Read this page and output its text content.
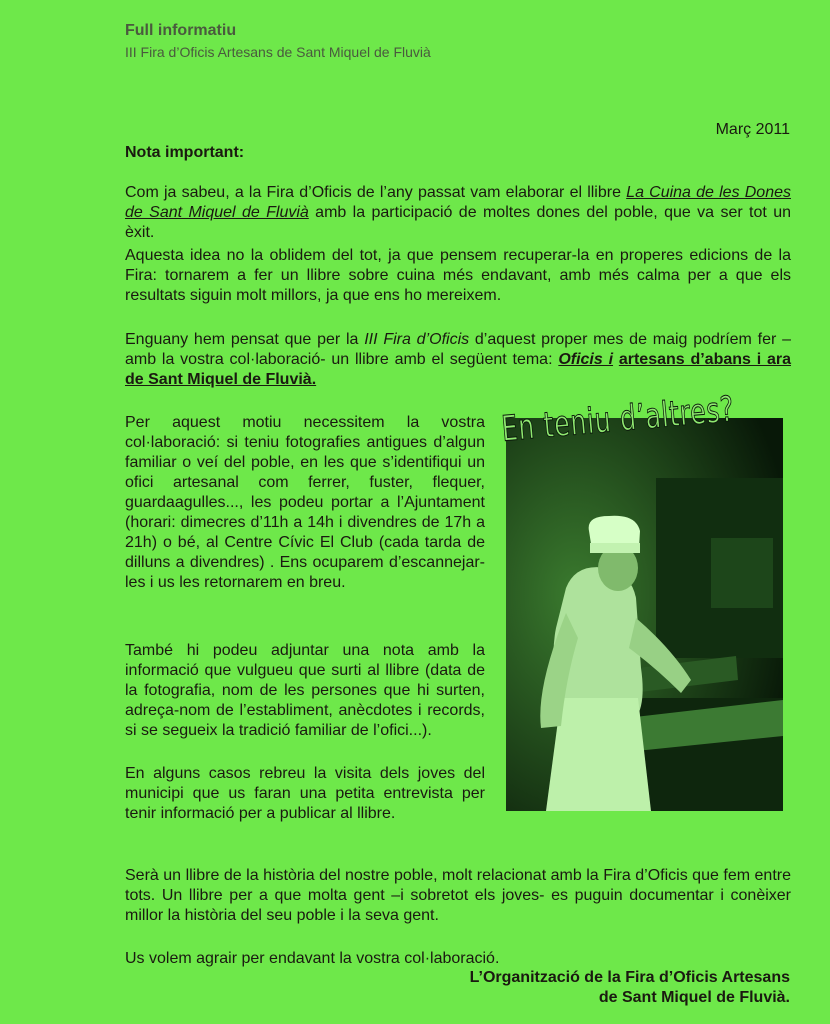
Full informatiu
III Fira d’Oficis Artesans de Sant Miquel de Fluvià
Març 2011
Nota important:
Com ja sabeu, a la Fira d’Oficis de l’any passat vam elaborar el llibre La Cuina de les Dones de Sant Miquel de Fluvià amb la participació de moltes dones del poble, que va ser tot un èxit.
Aquesta idea no la oblidem del tot, ja que pensem recuperar-la en properes edicions de la Fira: tornarem a fer un llibre sobre cuina més endavant, amb més calma per a que els resultats siguin molt millors, ja que ens ho mereixem.
Enguany hem pensat que per la III Fira d’Oficis d’aquest proper mes de maig podríem fer –amb la vostra col·laboració- un llibre amb el següent tema: Oficis i artesans d’abans i ara de Sant Miquel de Fluvià.
Per aquest motiu necessitem la vostra col·laboració: si teniu fotografies antigues d’algun familiar o veí del poble, en les que s’identifiqui un ofici artesanal com ferrer, fuster, flequer, guardaagulles..., les podeu portar a l’Ajuntament (horari: dimecres d’11h a 14h i divendres de 17h a 21h) o bé, al Centre Cívic El Club (cada tarda de dilluns a divendres) . Ens ocuparem d’escannejar-les i us les retornarem en breu.
També hi podeu adjuntar una nota amb la informació que vulgueu que surti al llibre (data de la fotografia, nom de les persones que hi surten, adreça-nom de l’establiment, anècdotes i records, si se segueix la tradició familiar de l’ofici...).
En alguns casos rebreu la visita dels joves del municipi que us faran una petita entrevista per tenir informació per a publicar al llibre.
Serà un llibre de la història del nostre poble, molt relacionat amb la Fira d’Oficis que fem entre tots. Un llibre per a que molta gent –i sobretot els joves- es puguin documentar i conèixer millor la història del seu poble i la seva gent.
Us volem agrair per endavant la vostra col·laboració.
En teniu d’altres?
L’Organització de la Fira d’Oficis Artesans
de Sant Miquel de Fluvià.
